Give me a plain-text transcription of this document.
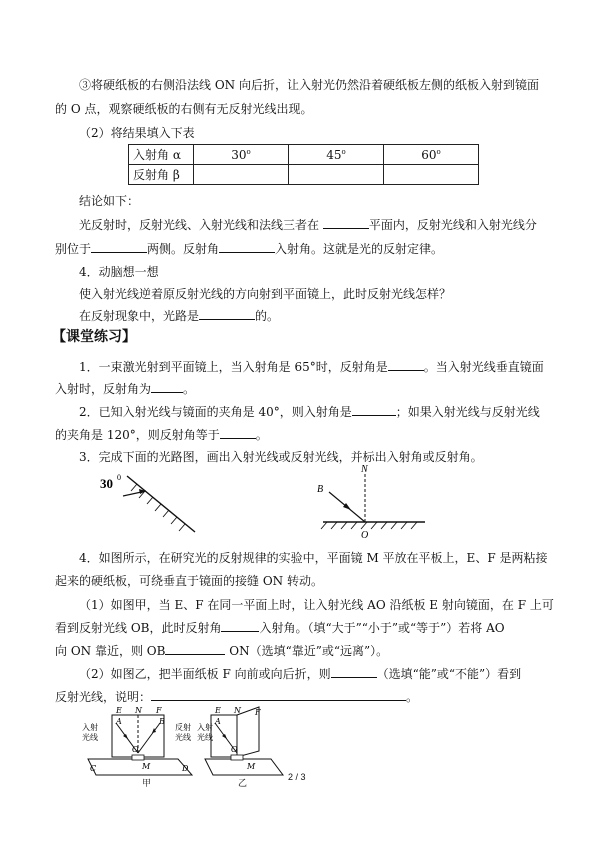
③将硬纸板的右侧沿法线 ON 向后折，让入射光仍然沿着硬纸板左侧的纸板入射到镜面
的 O 点，观察硬纸板的右侧有无反射光线出现。
（2）将结果填入下表
入射角 α	30$^o$	45$^o$	60$^o$
反射角 β			
结论如下：
光反射时，反射光线、入射光线和法线三者在	平面内，反射光线和入射光线分
别位于	两侧。反射角	入射角。这就是光的反射定律。
4．动脑想一想
使入射光线逆着原反射光线的方向射到平面镜上，此时反射光线怎样？
在反射现象中，光路是	的。
【课堂练习】
1．一束激光射到平面镜上，当入射角是 65°时，反射角是	。当入射光线垂直镜面
入射时，反射角为	。
2．已知入射光线与镜面的夹角是 40°，则入射角是	；如果入射光线与反射光线
的夹角是 120°，则反射角等于	。
3．完成下面的光路图，画出入射光线或反射光线，并标出入射角或反射角。
30 0
B
N
O
4．如图所示，在研究光的反射规律的实验中，平面镜 M 平放在平板上，E、F 是两粘接
起来的硬纸板，可绕垂直于镜面的接缝 ON 转动。
（1）如图甲，当 E、F 在同一平面上时，让入射光线 AO 沿纸板 E 射向镜面，在 F 上可
看到反射光线 OB，此时反射角	入射角。（填“大于”“小于”或“等于”）若将 AO
向 ON 靠近，则 OB	ON（选填“靠近”或“远离”）。
（2）如图乙，把半面纸板 F 向前或向后折，则	（选填“能”或“不能”）看到
反射光线，说明：	。
入射
光线
反射
光线
E N F
A	B
O
M
C	D
甲
入射
光线
E N F
A
O
M
乙
2 / 3
